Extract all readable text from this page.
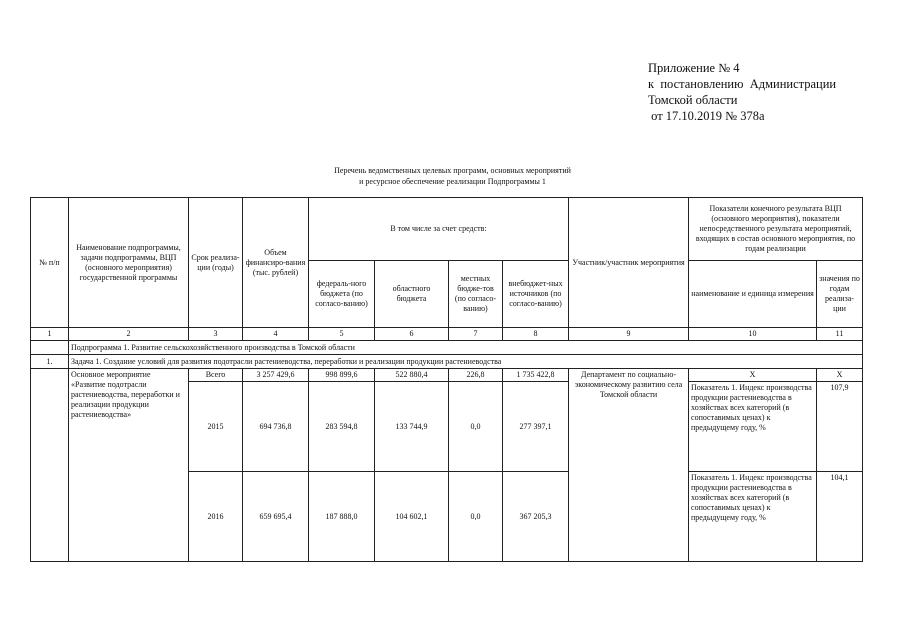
Приложение № 4
к  постановлению  Администрации
Томской области
от 17.10.2019 № 378а
Перечень ведомственных целевых программ, основных мероприятий
и ресурсное обеспечение реализации Подпрограммы 1
№ п/п	Наименование подпрограммы, задачи подпрограммы, ВЦП (основного мероприятия) государственной программы	Срок реализа-ции (годы)	Объем финансиро-вания (тыс. рублей)	В том числе за счет средств:				Участник/участник мероприятия	Показатели конечного результата ВЦП (основного мероприятия), показатели непосредственного результата мероприятий, входящих в состав основного мероприятия, по годам реализации	
				федераль-ного бюджета (по согласо-ванию)	областного бюджета	местных бюдже-тов (по согласо-ванию)	внебюджет-ных источников (по согласо-ванию)		наименование и единица измерения	значения по годам реализа-ции
1	2	3	4	5	6	7	8	9	10	11
	Подпрограмма 1. Развитие сельскохозяйственного производства в Томской области									
1.	Задача 1. Создание условий для развития подотрасли растениеводства, переработки и реализации продукции растениеводства									
	Основное мероприятие «Развитие подотрасли растениеводства, переработки и реализации продукции растениеводства»	Всего	3 257 429,6	998 899,6	522 880,4	226,8	1 735 422,8	Департамент по социально-экономическому развитию села Томской области	Х	Х
		2015	694 736,8	283 594,8	133 744,9	0,0	277 397,1		Показатель 1. Индекс производства продукции растениеводства в хозяйствах всех категорий (в сопоставимых ценах) к предыдущему году, %	107,9
		2016	659 695,4	187 888,0	104 602,1	0,0	367 205,3		Показатель 1. Индекс производства продукции растениеводства в хозяйствах всех категорий (в сопоставимых ценах) к предыдущему году, %	104,1
